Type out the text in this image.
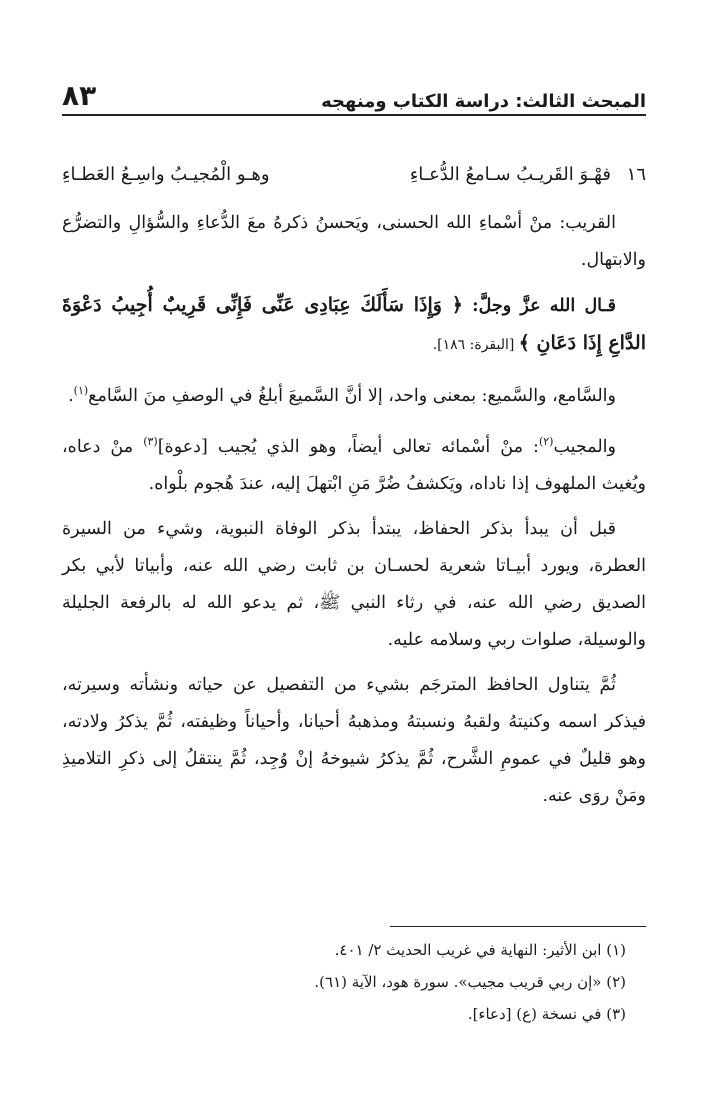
المبحث الثالث: دراسة الكتاب ومنهجه
٨٣
١٦ فهْـوَ القَريـبُ سـامعُ الدُّعـاءِ
وهـو الْمُجيـبُ واسِـعُ العَطـاءِ

القريب: منْ أسْماءِ الله الحسنى، ويَحسنُ ذكرهُ معَ الدُّعاءِ والسُّؤالِ والتضرُّع والابتهال.

قـال الله عزَّ وجلَّ: ﴿ وَإِذَا سَأَلَكَ عِبَادِى عَنِّى فَإِنِّى قَرِيبٌ أُجِيبُ دَعْوَةَ الدَّاعِ إِذَا دَعَانِ ﴾ [البقرة: ١٨٦].

والسَّامع، والسَّميع: بمعنى واحد، إلا أنَّ السَّميعَ أبلغُ في الوصفِ منَ السَّامع$^{(١)}$.

والمجيب$^{(٢)}$: منْ أسْمائه تعالى أيضاً، وهو الذي يُجيب [دعوة]$^{(٣)}$ منْ دعاه، ويُغيث الملهوف إذا ناداه، ويَكشفُ ضُرَّ مَنِ ابْتهلَ إليه، عندَ هُجوم بلْواه.

قبل أن يبدأ بذكر الحفاظ، يبتدأ بذكر الوفاة النبوية، وشيء من السيرة العطرة، ويورد أبيـاتا شعرية لحسـان بن ثابت رضي الله عنه، وأبياتا لأبي بكر الصديق رضي الله عنه، في رثاء النبي ﷺ، ثم يدعو الله له بالرفعة الجليلة والوسيلة، صلوات ربي وسلامه عليه.

ثُمَّ يتناول الحافظ المترجَم بشيء من التفصيل عن حياته ونشأته وسيرته، فيذكر اسمه وكنيتهُ ولقبهُ ونسبتهُ ومذهبهُ أحيانا، وأحياناً وظيفته، ثُمَّ يذكرُ ولادته، وهو قليلٌ في عمومِ الشَّرح، ثُمَّ يذكرُ شيوخهُ إنْ وُجِد، ثُمَّ ينتقلُ إلى ذكرِ التلاميذِ ومَنْ روَى عنه.

(١) ابن الأثير: النهاية في غريب الحديث ٢/ ٤٠١.
(٢) «إن ربي قريب مجيب». سورة هود، الآية (٦١).
(٣) في نسخة (ع) [دعاء].
